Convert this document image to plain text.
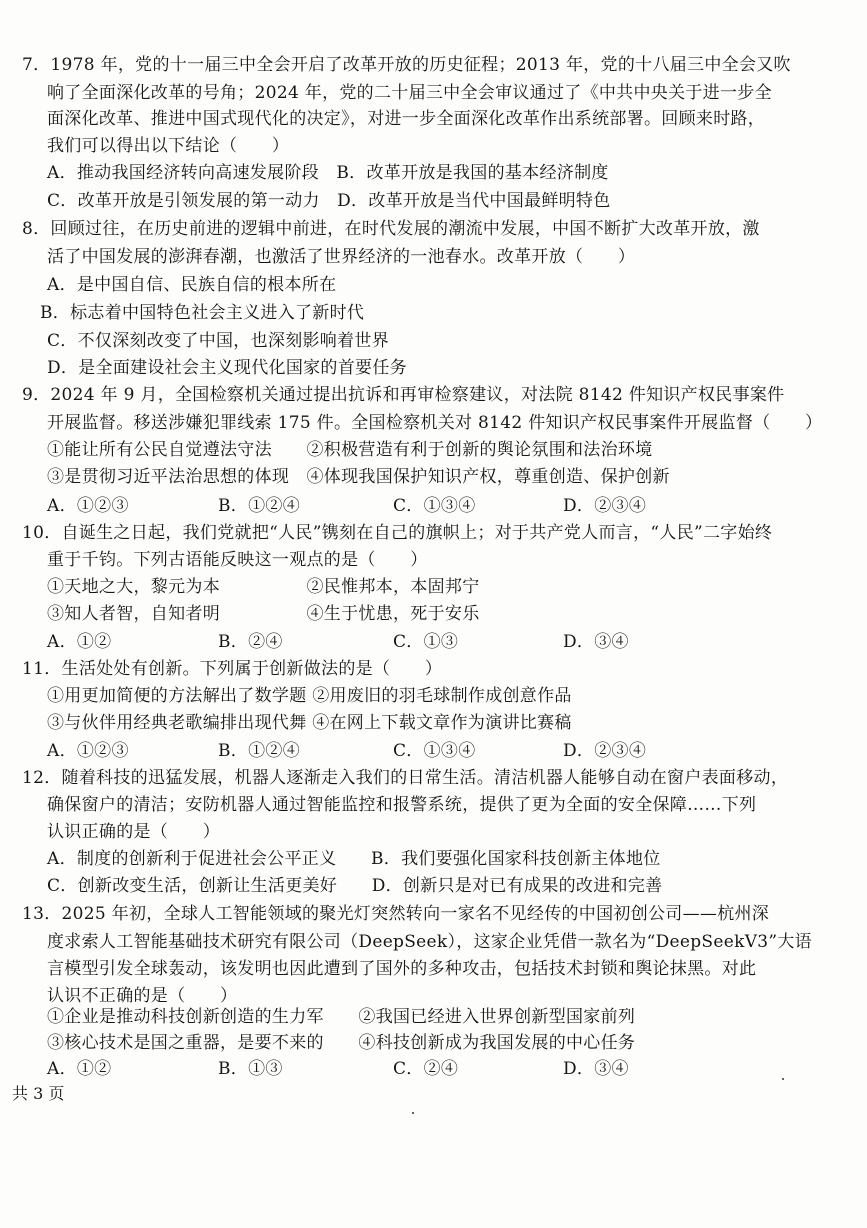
7．1978 年，党的十一届三中全会开启了改革开放的历史征程；2013 年，党的十八届三中全会又吹
响了全面深化改革的号角；2024 年，党的二十届三中全会审议通过了《中共中央关于进一步全
面深化改革、推进中国式现代化的决定》，对进一步全面深化改革作出系统部署。回顾来时路，
我们可以得出以下结论（　　）
A．推动我国经济转向高速发展阶段　B．改革开放是我国的基本经济制度
C．改革开放是引领发展的第一动力　D．改革开放是当代中国最鲜明特色
8．回顾过往，在历史前进的逻辑中前进，在时代发展的潮流中发展，中国不断扩大改革开放，激
活了中国发展的澎湃春潮，也激活了世界经济的一池春水。改革开放（　　）
A．是中国自信、民族自信的根本所在
B．标志着中国特色社会主义进入了新时代
C．不仅深刻改变了中国，也深刻影响着世界
D．是全面建设社会主义现代化国家的首要任务
9．2024 年 9 月，全国检察机关通过提出抗诉和再审检察建议，对法院 8142 件知识产权民事案件
开展监督。移送涉嫌犯罪线索 175 件。全国检察机关对 8142 件知识产权民事案件开展监督（　　）
①能让所有公民自觉遵法守法　　②积极营造有利于创新的舆论氛围和法治环境
③是贯彻习近平法治思想的体现　④体现我国保护知识产权，尊重创造、保护创新
A．①②③	B．①②④	C．①③④	D．②③④
10．自诞生之日起，我们党就把“人民”镌刻在自己的旗帜上；对于共产党人而言，“人民”二字始终
重于千钧。下列古语能反映这一观点的是（　　）
①天地之大，黎元为本　　　　　②民惟邦本，本固邦宁
③知人者智，自知者明　　　　　④生于忧患，死于安乐
A．①②	B．②④	C．①③	D．③④
11．生活处处有创新。下列属于创新做法的是（　　）
①用更加简便的方法解出了数学题 ②用废旧的羽毛球制作成创意作品
③与伙伴用经典老歌编排出现代舞 ④在网上下载文章作为演讲比赛稿
A．①②③	B．①②④	C．①③④	D．②③④
12．随着科技的迅猛发展，机器人逐渐走入我们的日常生活。清洁机器人能够自动在窗户表面移动，
确保窗户的清洁；安防机器人通过智能监控和报警系统，提供了更为全面的安全保障……下列
认识正确的是（　　）
A．制度的创新利于促进社会公平正义　　B．我们要强化国家科技创新主体地位
C．创新改变生活，创新让生活更美好　　D．创新只是对已有成果的改进和完善
13．2025 年初，全球人工智能领域的聚光灯突然转向一家名不见经传的中国初创公司——杭州深
度求索人工智能基础技术研究有限公司（DeepSeek），这家企业凭借一款名为“DeepSeekV3”大语
言模型引发全球轰动，该发明也因此遭到了国外的多种攻击，包括技术封锁和舆论抹黑。对此
认识不正确的是（　　）
①企业是推动科技创新创造的生力军　　②我国已经进入世界创新型国家前列
③核心技术是国之重器，是要不来的　　④科技创新成为我国发展的中心任务
A．①②	B．①③	C．②④	D．③④
共 3 页
